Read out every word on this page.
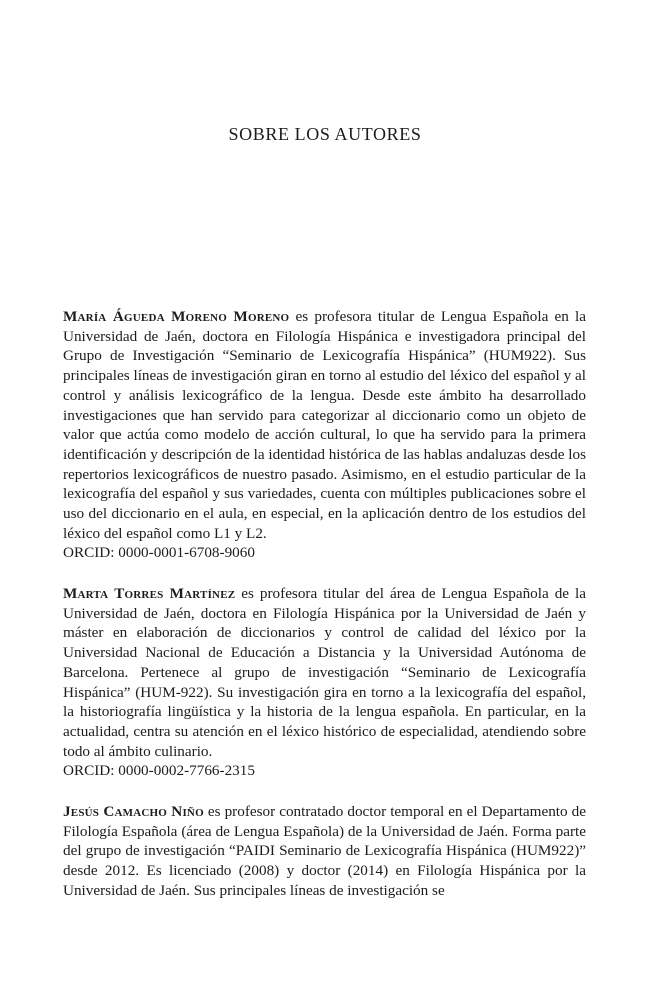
SOBRE LOS AUTORES

María Águeda Moreno Moreno es profesora titular de Lengua Española en la Universidad de Jaén, doctora en Filología Hispánica e investigadora principal del Grupo de Investigación “Seminario de Lexicografía Hispánica” (HUM922). Sus principales líneas de investigación giran en torno al estudio del léxico del español y al control y análisis lexicográfico de la lengua. Desde este ámbito ha desarrollado investigaciones que han servido para categorizar al diccionario como un objeto de valor que actúa como modelo de acción cultural, lo que ha servido para la primera identificación y descripción de la identidad histórica de las hablas andaluzas desde los repertorios lexicográficos de nuestro pasado. Asimismo, en el estudio particular de la lexicografía del español y sus variedades, cuenta con múltiples publicaciones sobre el uso del diccionario en el aula, en especial, en la aplicación dentro de los estudios del léxico del español como L1 y L2.
ORCID: 0000-0001-6708-9060

Marta Torres Martínez es profesora titular del área de Lengua Española de la Universidad de Jaén, doctora en Filología Hispánica por la Universidad de Jaén y máster en elaboración de diccionarios y control de calidad del léxico por la Universidad Nacional de Educación a Distancia y la Universidad Autónoma de Barcelona. Pertenece al grupo de investigación “Seminario de Lexicografía Hispánica” (HUM-922). Su investigación gira en torno a la lexicografía del español, la historiografía lingüística y la historia de la lengua española. En particular, en la actualidad, centra su atención en el léxico histórico de especialidad, atendiendo sobre todo al ámbito culinario.
ORCID: 0000-0002-7766-2315

Jesús Camacho Niño es profesor contratado doctor temporal en el Departamento de Filología Española (área de Lengua Española) de la Universidad de Jaén. Forma parte del grupo de investigación “PAIDI Seminario de Lexicografía Hispánica (HUM922)” desde 2012. Es licenciado (2008) y doctor (2014) en Filología Hispánica por la Universidad de Jaén. Sus principales líneas de investigación se
